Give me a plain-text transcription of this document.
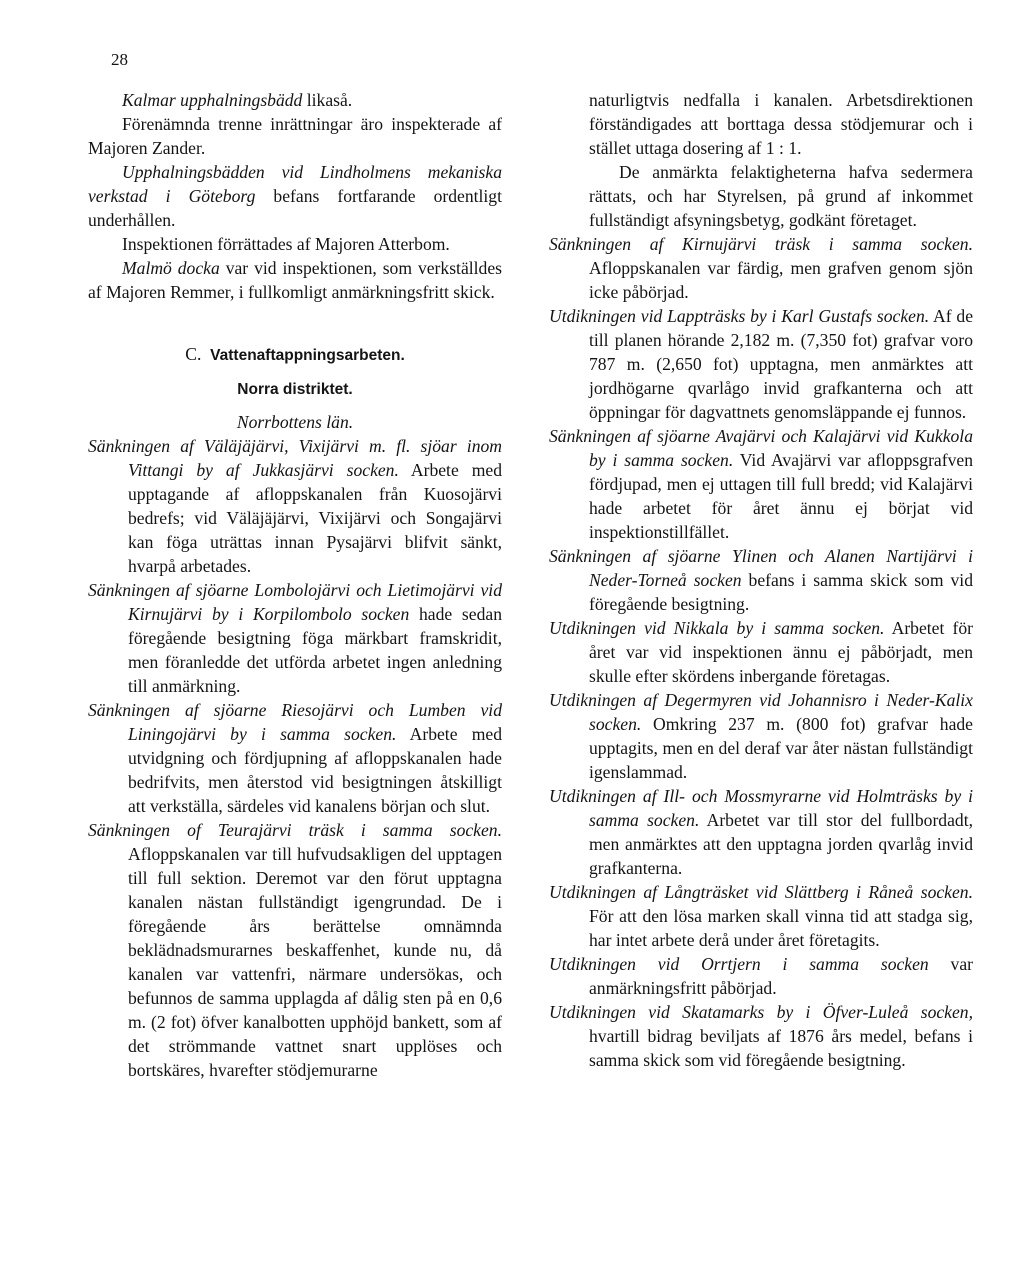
28

Kalmar upphalningsbädd likaså.

Förenämnda trenne inrättningar äro inspekterade af Majoren Zander.

Upphalningsbädden vid Lindholmens mekaniska verkstad i Göteborg befans fortfarande ordentligt underhållen.

Inspektionen förrättades af Majoren Atterbom.

Malmö docka var vid inspektionen, som verkställdes af Majoren Remmer, i fullkomligt anmärkningsfritt skick.

C. Vattenaftappningsarbeten.

Norra distriktet.

Norrbottens län.

Sänkningen af Väläjäjärvi, Vixijärvi m. fl. sjöar inom Vittangi by af Jukkasjärvi socken. Arbete med upptagande af afloppskanalen från Kuosojärvi bedrefs; vid Väläjäjärvi, Vixijärvi och Songajärvi kan föga uträttas innan Pysajärvi blifvit sänkt, hvarpå arbetades.

Sänkningen af sjöarne Lombolojärvi och Lietimojärvi vid Kirnujärvi by i Korpilombolo socken hade sedan föregående besigtning föga märkbart framskridit, men föranledde det utförda arbetet ingen anledning till anmärkning.

Sänkningen af sjöarne Riesojärvi och Lumben vid Liningojärvi by i samma socken. Arbete med utvidgning och fördjupning af afloppskanalen hade bedrifvits, men återstod vid besigtningen åtskilligt att verkställa, särdeles vid kanalens början och slut.

Sänkningen of Teurajärvi träsk i samma socken. Afloppskanalen var till hufvudsakligen del upptagen till full sektion. Deremot var den förut upptagna kanalen nästan fullständigt igengrundad. De i föregående års berättelse omnämnda beklädnadsmurarnes beskaffenhet, kunde nu, då kanalen var vattenfri, närmare undersökas, och befunnos de samma upplagda af dålig sten på en 0,6 m. (2 fot) öfver kanalbotten upphöjd bankett, som af det strömmande vattnet snart upplöses och bortskäres, hvarefter stödjemurarne

naturligtvis nedfalla i kanalen. Arbetsdirektionen förständigades att borttaga dessa stödjemurar och i stället uttaga dosering af 1 : 1.

De anmärkta felaktigheterna hafva sedermera rättats, och har Styrelsen, på grund af inkommet fullständigt afsyningsbetyg, godkänt företaget.

Sänkningen af Kirnujärvi träsk i samma socken. Afloppskanalen var färdig, men grafven genom sjön icke påbörjad.

Utdikningen vid Lappträsks by i Karl Gustafs socken. Af de till planen hörande 2,182 m. (7,350 fot) grafvar voro 787 m. (2,650 fot) upptagna, men anmärktes att jordhögarne qvarlågo invid grafkanterna och att öppningar för dagvattnets genomsläppande ej funnos.

Sänkningen af sjöarne Avajärvi och Kalajärvi vid Kukkola by i samma socken. Vid Avajärvi var afloppsgrafven fördjupad, men ej uttagen till full bredd; vid Kalajärvi hade arbetet för året ännu ej börjat vid inspektionstillfället.

Sänkningen af sjöarne Ylinen och Alanen Nartijärvi i Neder-Torneå socken befans i samma skick som vid föregående besigtning.

Utdikningen vid Nikkala by i samma socken. Arbetet för året var vid inspektionen ännu ej påbörjadt, men skulle efter skördens inbergande företagas.

Utdikningen af Degermyren vid Johannisro i Neder-Kalix socken. Omkring 237 m. (800 fot) grafvar hade upptagits, men en del deraf var åter nästan fullständigt igenslammad.

Utdikningen af Ill- och Mossmyrarne vid Holmträsks by i samma socken. Arbetet var till stor del fullbordadt, men anmärktes att den upptagna jorden qvarlåg invid grafkanterna.

Utdikningen af Långträsket vid Slättberg i Råneå socken. För att den lösa marken skall vinna tid att stadga sig, har intet arbete derå under året företagits.

Utdikningen vid Orrtjern i samma socken var anmärkningsfritt påbörjad.

Utdikningen vid Skatamarks by i Öfver-Luleå socken, hvartill bidrag beviljats af 1876 års medel, befans i samma skick som vid föregående besigtning.
